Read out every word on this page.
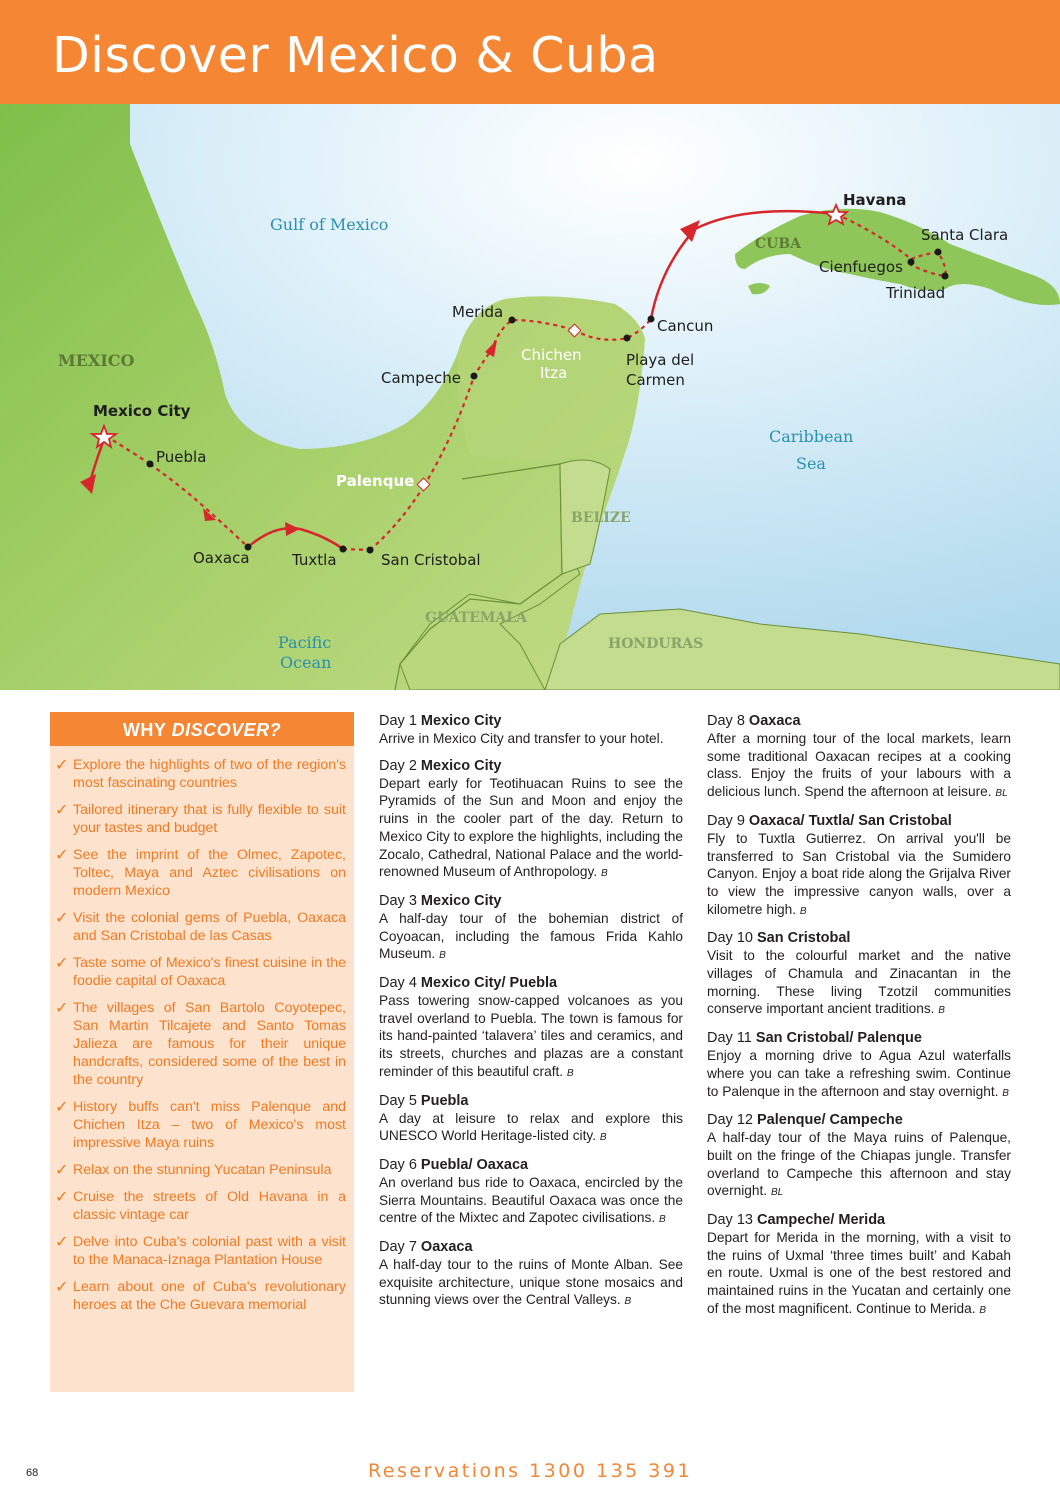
Discover Mexico & Cuba
Gulf of Mexico
Caribbean
Sea
Pacific
Ocean
MEXICO
CUBA
BELIZE
GUATEMALA
HONDURAS
Mexico City
Puebla
Oaxaca	Tuxtla	San Cristobal
Palenque
Campeche
Merida
Chichen
Itza
Cancun
Playa del
Carmen
Havana
Santa Clara
Cienfuegos
Trinidad
WHY DISCOVER?
✓ Explore the highlights of two of the region's most fascinating countries
✓ Tailored itinerary that is fully flexible to suit your tastes and budget
✓ See the imprint of the Olmec, Zapotec, Toltec, Maya and Aztec civilisations on modern Mexico
✓ Visit the colonial gems of Puebla, Oaxaca and San Cristobal de las Casas
✓ Taste some of Mexico's finest cuisine in the foodie capital of Oaxaca
✓ The villages of San Bartolo Coyotepec, San Martin Tilcajete and Santo Tomas Jalieza are famous for their unique handcrafts, considered some of the best in the country
✓ History buffs can't miss Palenque and Chichen Itza – two of Mexico's most impressive Maya ruins
✓ Relax on the stunning Yucatan Peninsula
✓ Cruise the streets of Old Havana in a classic vintage car
✓ Delve into Cuba's colonial past with a visit to the Manaca-Iznaga Plantation House
✓ Learn about one of Cuba's revolutionary heroes at the Che Guevara memorial
Day 1 Mexico City
Arrive in Mexico City and transfer to your hotel.
Day 2 Mexico City
Depart early for Teotihuacan Ruins to see the Pyramids of the Sun and Moon and enjoy the ruins in the cooler part of the day. Return to Mexico City to explore the highlights, including the Zocalo, Cathedral, National Palace and the world-renowned Museum of Anthropology. B
Day 3 Mexico City
A half-day tour of the bohemian district of Coyoacan, including the famous Frida Kahlo Museum. B
Day 4 Mexico City/ Puebla
Pass towering snow-capped volcanoes as you travel overland to Puebla. The town is famous for its hand-painted ‘talavera’ tiles and ceramics, and its streets, churches and plazas are a constant reminder of this beautiful craft. B
Day 5 Puebla
A day at leisure to relax and explore this UNESCO World Heritage-listed city. B
Day 6 Puebla/ Oaxaca
An overland bus ride to Oaxaca, encircled by the Sierra Mountains. Beautiful Oaxaca was once the centre of the Mixtec and Zapotec civilisations. B
Day 7 Oaxaca
A half-day tour to the ruins of Monte Alban. See exquisite architecture, unique stone mosaics and stunning views over the Central Valleys. B
Day 8 Oaxaca
After a morning tour of the local markets, learn some traditional Oaxacan recipes at a cooking class. Enjoy the fruits of your labours with a delicious lunch. Spend the afternoon at leisure. BL
Day 9 Oaxaca/ Tuxtla/ San Cristobal
Fly to Tuxtla Gutierrez. On arrival you'll be transferred to San Cristobal via the Sumidero Canyon. Enjoy a boat ride along the Grijalva River to view the impressive canyon walls, over a kilometre high. B
Day 10 San Cristobal
Visit to the colourful market and the native villages of Chamula and Zinacantan in the morning. These living Tzotzil communities conserve important ancient traditions. B
Day 11 San Cristobal/ Palenque
Enjoy a morning drive to Agua Azul waterfalls where you can take a refreshing swim. Continue to Palenque in the afternoon and stay overnight. B
Day 12 Palenque/ Campeche
A half-day tour of the Maya ruins of Palenque, built on the fringe of the Chiapas jungle. Transfer overland to Campeche this afternoon and stay overnight. BL
Day 13 Campeche/ Merida
Depart for Merida in the morning, with a visit to the ruins of Uxmal ‘three times built’ and Kabah en route. Uxmal is one of the best restored and maintained ruins in the Yucatan and certainly one of the most magnificent. Continue to Merida. B
68	Reservations 1300 135 391
